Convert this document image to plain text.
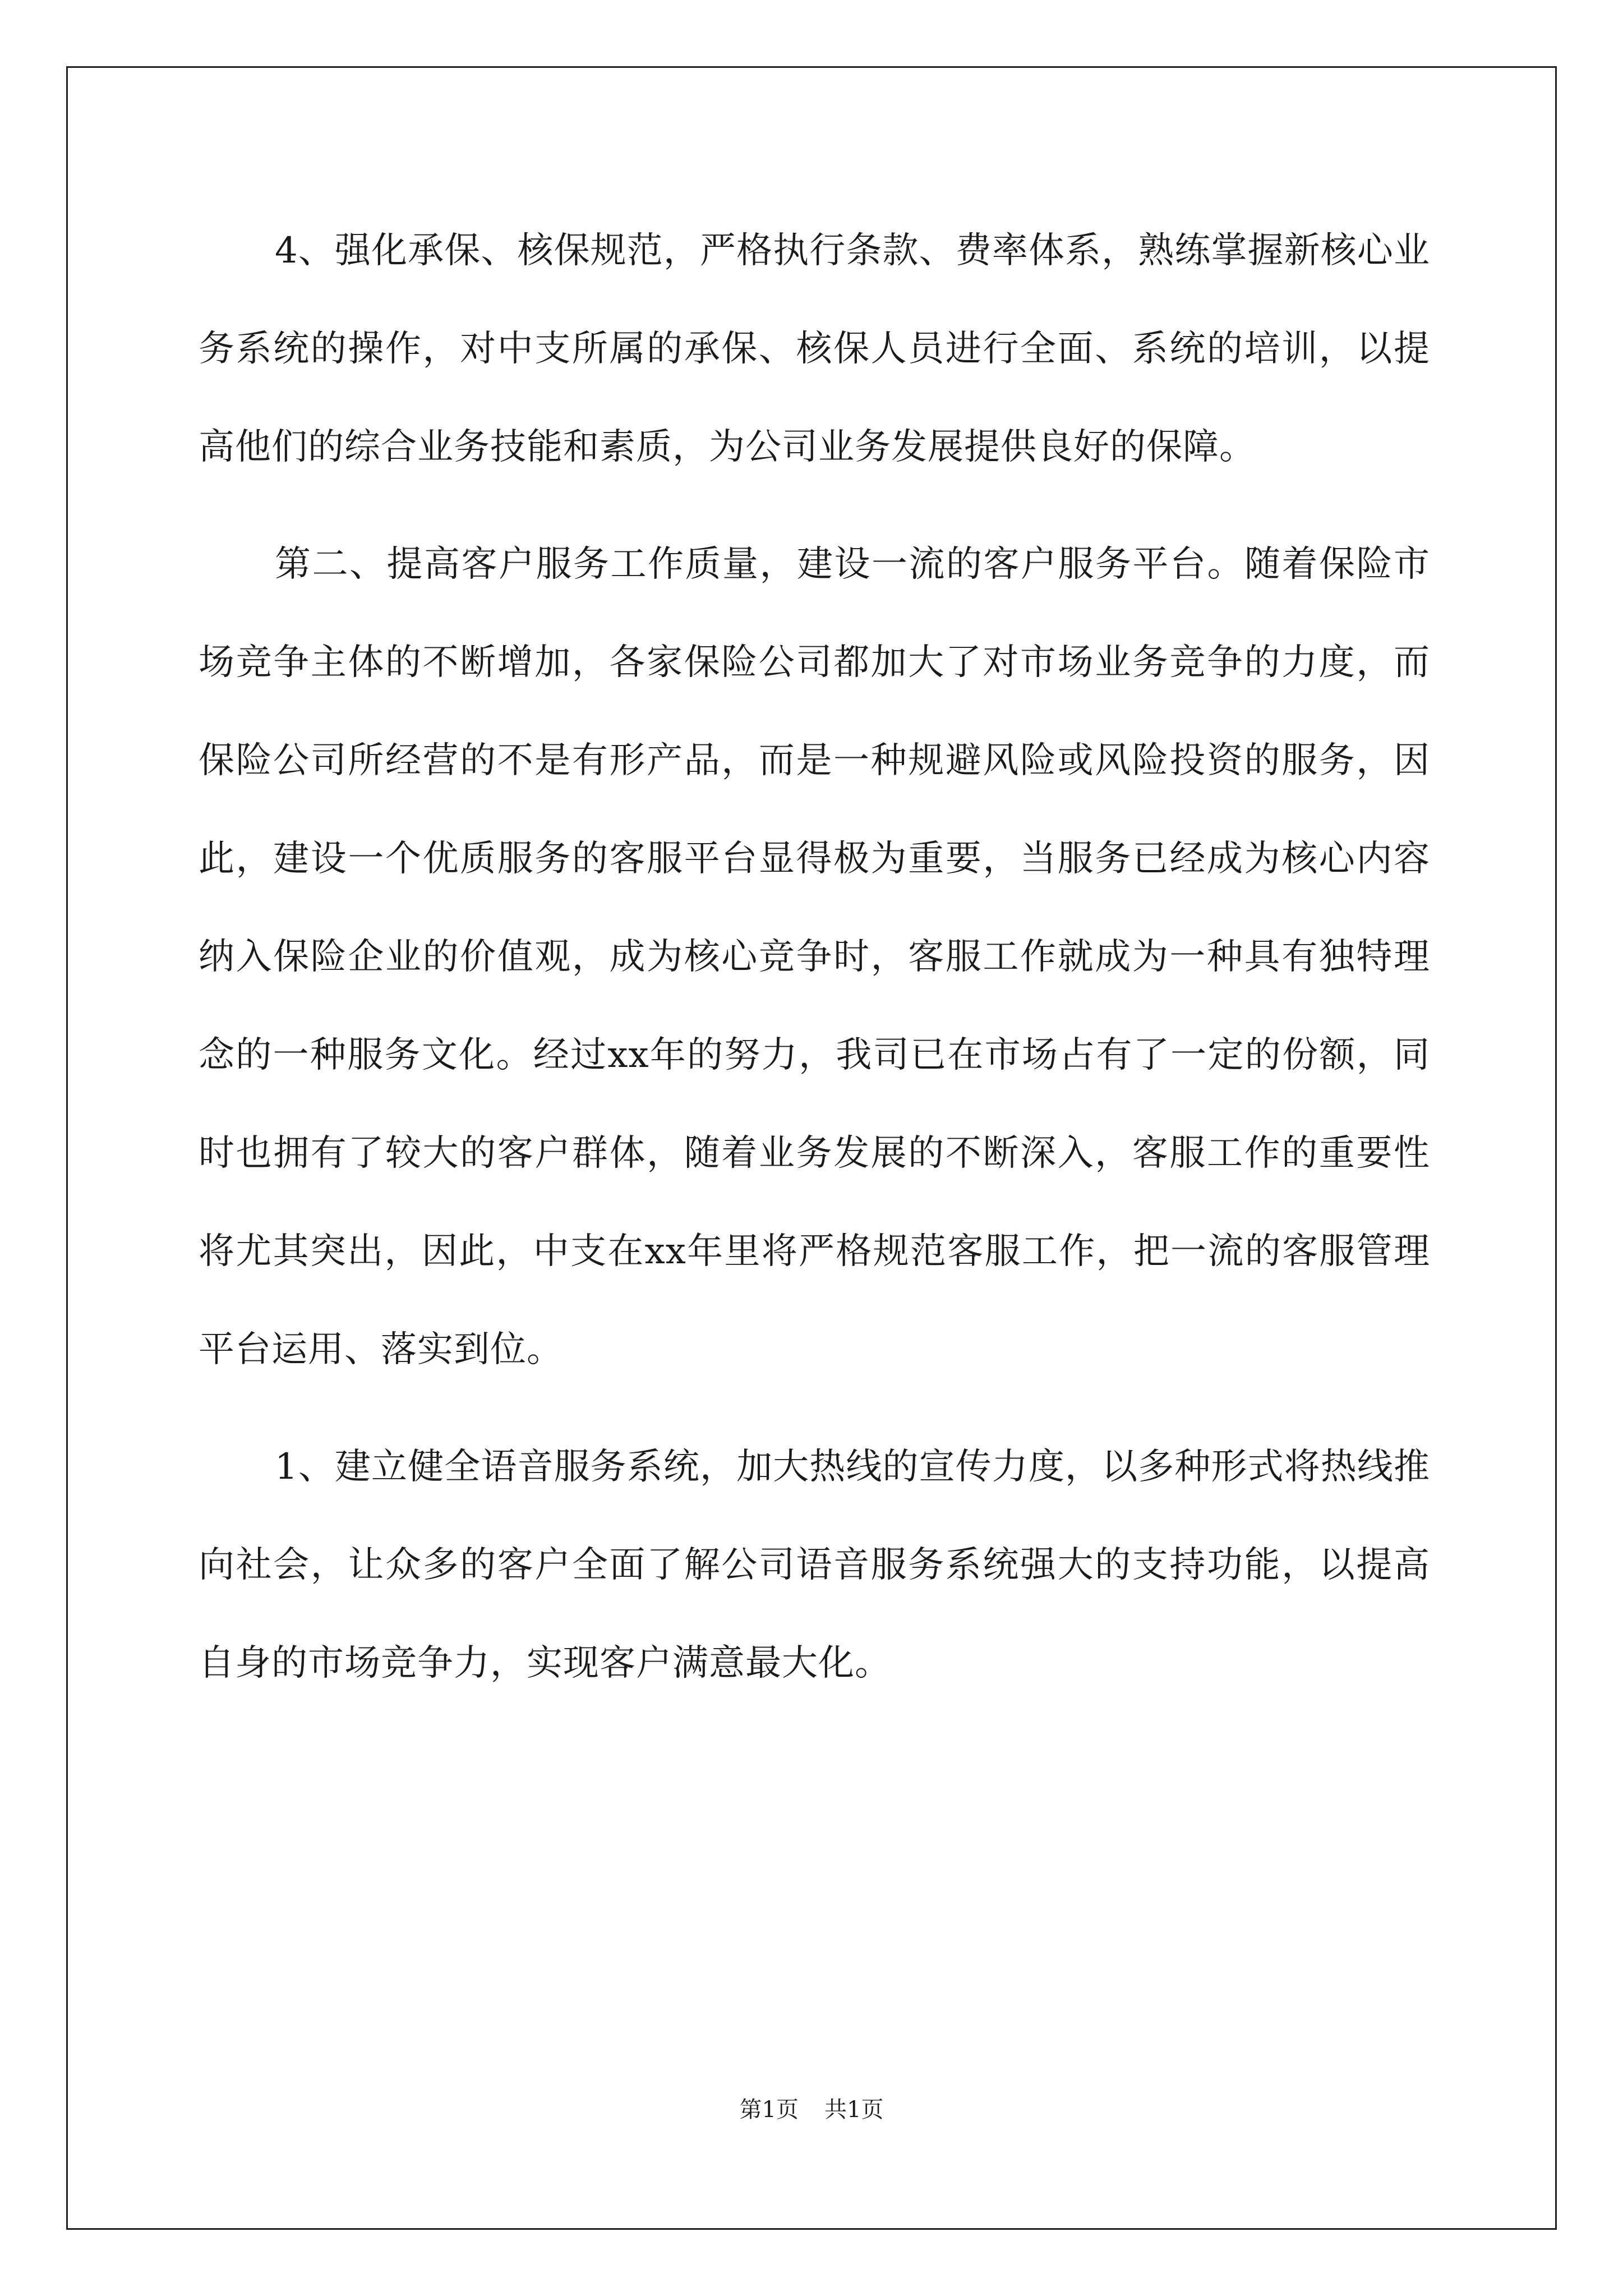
4、强化承保、核保规范，严格执行条款、费率体系，熟练掌握新核心业务系统的操作，对中支所属的承保、核保人员进行全面、系统的培训，以提高他们的综合业务技能和素质，为公司业务发展提供良好的保障。

第二、提高客户服务工作质量，建设一流的客户服务平台。随着保险市场竞争主体的不断增加，各家保险公司都加大了对市场业务竞争的力度，而保险公司所经营的不是有形产品，而是一种规避风险或风险投资的服务，因此，建设一个优质服务的客服平台显得极为重要，当服务已经成为核心内容纳入保险企业的价值观，成为核心竞争时，客服工作就成为一种具有独特理念的一种服务文化。经过xx年的努力，我司已在市场占有了一定的份额，同时也拥有了较大的客户群体，随着业务发展的不断深入，客服工作的重要性将尤其突出，因此，中支在xx年里将严格规范客服工作，把一流的客服管理平台运用、落实到位。

1、建立健全语音服务系统，加大热线的宣传力度，以多种形式将热线推向社会，让众多的客户全面了解公司语音服务系统强大的支持功能，以提高自身的市场竞争力，实现客户满意最大化。

第1页 共1页
